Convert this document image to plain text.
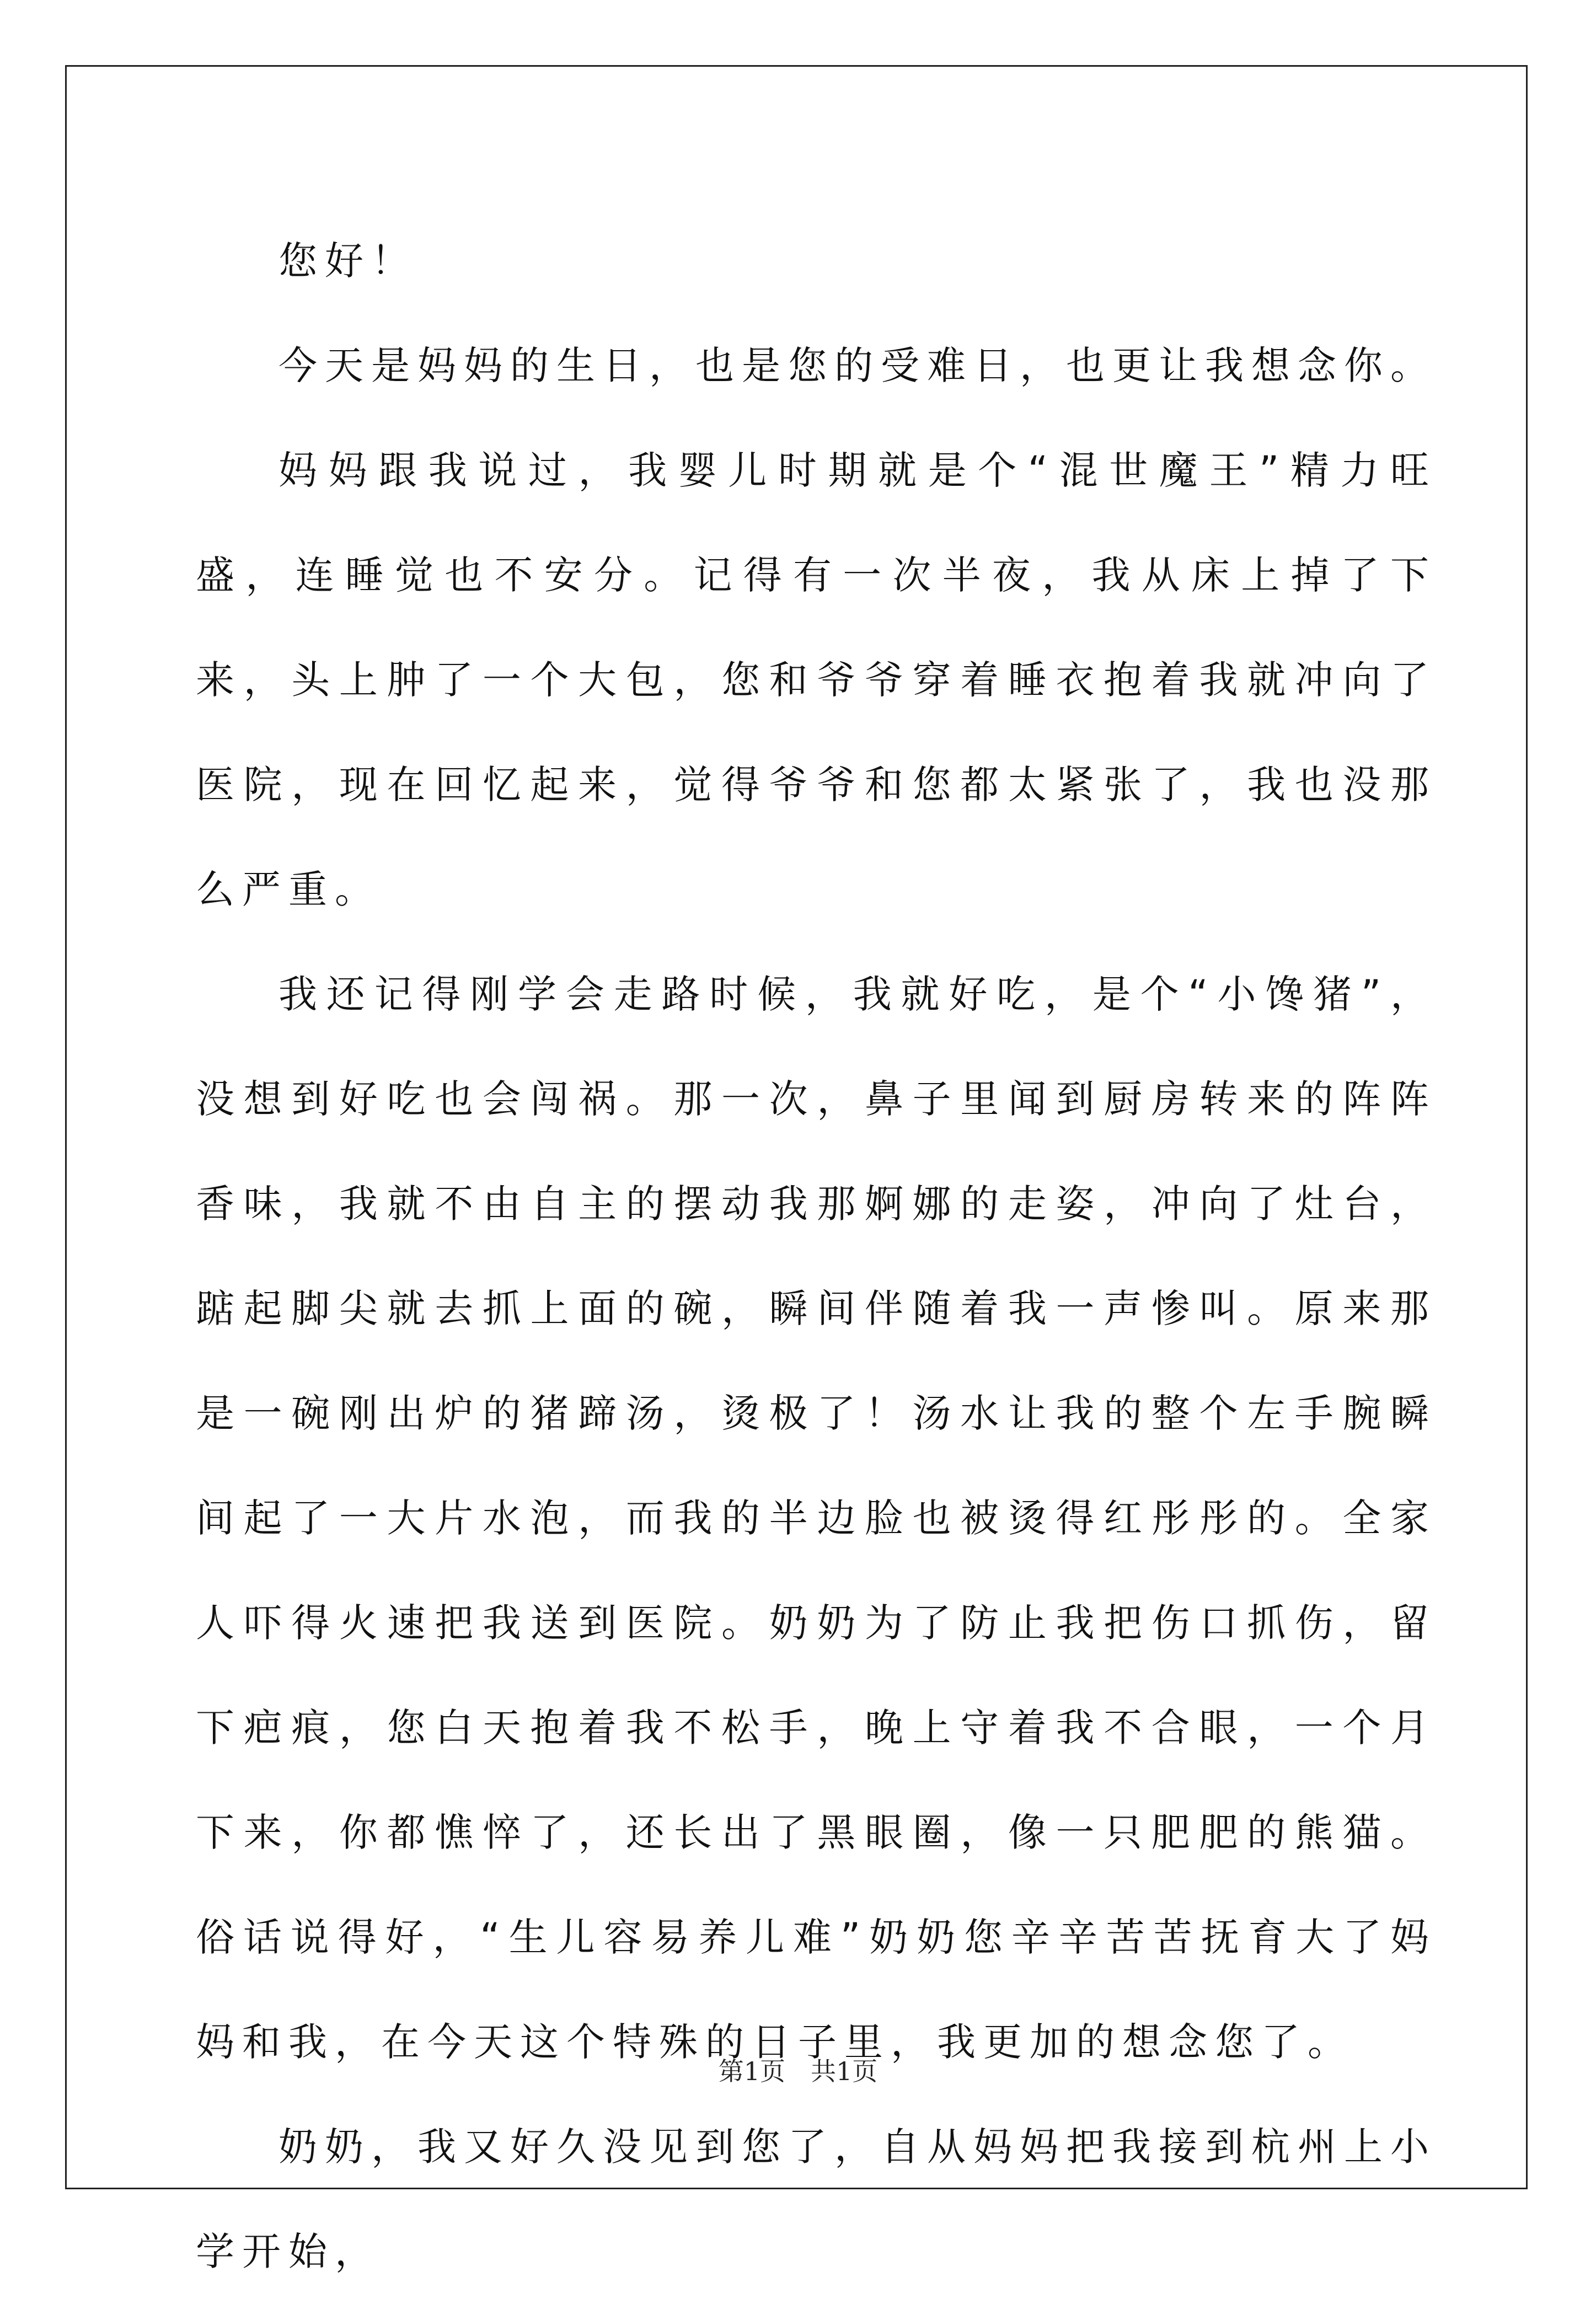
您好！

今天是妈妈的生日，也是您的受难日，也更让我想念你。

妈妈跟我说过，我婴儿时期就是个“混世魔王”精力旺盛，连睡觉也不安分。记得有一次半夜，我从床上掉了下来，头上肿了一个大包，您和爷爷穿着睡衣抱着我就冲向了医院，现在回忆起来，觉得爷爷和您都太紧张了，我也没那么严重。

我还记得刚学会走路时候，我就好吃，是个“小馋猪”，没想到好吃也会闯祸。那一次，鼻子里闻到厨房转来的阵阵香味，我就不由自主的摆动我那婀娜的走姿，冲向了灶台，踮起脚尖就去抓上面的碗，瞬间伴随着我一声惨叫。原来那是一碗刚出炉的猪蹄汤，烫极了！汤水让我的整个左手腕瞬间起了一大片水泡，而我的半边脸也被烫得红彤彤的。全家人吓得火速把我送到医院。奶奶为了防止我把伤口抓伤，留下疤痕，您白天抱着我不松手，晚上守着我不合眼，一个月下来，你都憔悴了，还长出了黑眼圈，像一只肥肥的熊猫。俗话说得好，“生儿容易养儿难”奶奶您辛辛苦苦抚育大了妈妈和我，在今天这个特殊的日子里，我更加的想念您了。

奶奶，我又好久没见到您了，自从妈妈把我接到杭州上小学开始，

第1页　共1页
